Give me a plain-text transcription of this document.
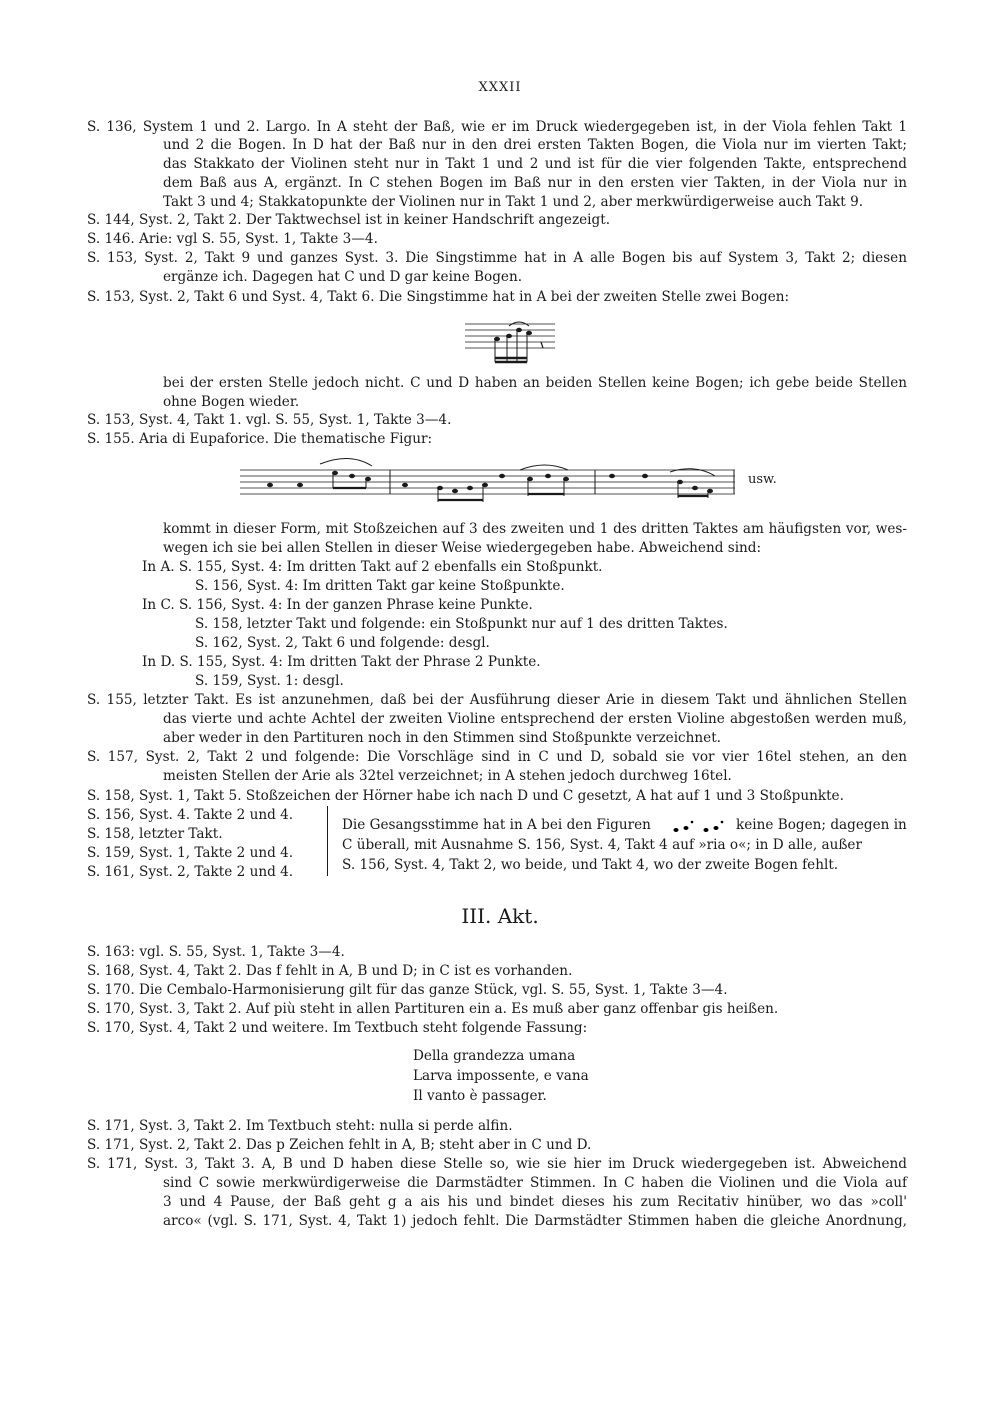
XXXII
S. 136, System 1 und 2. Largo. In A steht der Baß, wie er im Druck wiedergegeben ist, in der Viola fehlen Takt 1
und 2 die Bogen. In D hat der Baß nur in den drei ersten Takten Bogen, die Viola nur im vierten Takt;
das Stakkato der Violinen steht nur in Takt 1 und 2 und ist für die vier folgenden Takte, entsprechend
dem Baß aus A, ergänzt. In C stehen Bogen im Baß nur in den ersten vier Takten, in der Viola nur in
Takt 3 und 4; Stakkatopunkte der Violinen nur in Takt 1 und 2, aber merkwürdigerweise auch Takt 9.
S. 144, Syst. 2, Takt 2. Der Taktwechsel ist in keiner Handschrift angezeigt.
S. 146. Arie: vgl S. 55, Syst. 1, Takte 3—4.
S. 153, Syst. 2, Takt 9 und ganzes Syst. 3. Die Singstimme hat in A alle Bogen bis auf System 3, Takt 2; diesen
ergänze ich. Dagegen hat C und D gar keine Bogen.
S. 153, Syst. 2, Takt 6 und Syst. 4, Takt 6. Die Singstimme hat in A bei der zweiten Stelle zwei Bogen:
bei der ersten Stelle jedoch nicht. C und D haben an beiden Stellen keine Bogen; ich gebe beide Stellen
ohne Bogen wieder.
S. 153, Syst. 4, Takt 1. vgl. S. 55, Syst. 1, Takte 3—4.
S. 155. Aria di Eupaforice. Die thematische Figur:
usw.
kommt in dieser Form, mit Stoßzeichen auf 3 des zweiten und 1 des dritten Taktes am häufigsten vor, wes-
wegen ich sie bei allen Stellen in dieser Weise wiedergegeben habe. Abweichend sind:
In A. S. 155, Syst. 4: Im dritten Takt auf 2 ebenfalls ein Stoßpunkt.
S. 156, Syst. 4: Im dritten Takt gar keine Stoßpunkte.
In C. S. 156, Syst. 4: In der ganzen Phrase keine Punkte.
S. 158, letzter Takt und folgende: ein Stoßpunkt nur auf 1 des dritten Taktes.
S. 162, Syst. 2, Takt 6 und folgende: desgl.
In D. S. 155, Syst. 4: Im dritten Takt der Phrase 2 Punkte.
S. 159, Syst. 1: desgl.
S. 155, letzter Takt. Es ist anzunehmen, daß bei der Ausführung dieser Arie in diesem Takt und ähnlichen Stellen
das vierte und achte Achtel der zweiten Violine entsprechend der ersten Violine abgestoßen werden muß,
aber weder in den Partituren noch in den Stimmen sind Stoßpunkte verzeichnet.
S. 157, Syst. 2, Takt 2 und folgende: Die Vorschläge sind in C und D, sobald sie vor vier 16tel stehen, an den
meisten Stellen der Arie als 32tel verzeichnet; in A stehen jedoch durchweg 16tel.
S. 158, Syst. 1, Takt 5. Stoßzeichen der Hörner habe ich nach D und C gesetzt, A hat auf 1 und 3 Stoßpunkte.
S. 156, Syst. 4. Takte 2 und 4.
S. 158, letzter Takt.
S. 159, Syst. 1, Takte 2 und 4.
S. 161, Syst. 2, Takte 2 und 4.
Die Gesangsstimme hat in A bei den Figuren	keine Bogen; dagegen in
C überall, mit Ausnahme S. 156, Syst. 4, Takt 4 auf »ria o«; in D alle, außer
S. 156, Syst. 4, Takt 2, wo beide, und Takt 4, wo der zweite Bogen fehlt.
III. Akt.
S. 163: vgl. S. 55, Syst. 1, Takte 3—4.
S. 168, Syst. 4, Takt 2. Das f fehlt in A, B und D; in C ist es vorhanden.
S. 170. Die Cembalo-Harmonisierung gilt für das ganze Stück, vgl. S. 55, Syst. 1, Takte 3—4.
S. 170, Syst. 3, Takt 2. Auf più steht in allen Partituren ein a. Es muß aber ganz offenbar gis heißen.
S. 170, Syst. 4, Takt 2 und weitere. Im Textbuch steht folgende Fassung:
Della grandezza umana
Larva impossente, e vana
Il vanto è passager.
S. 171, Syst. 3, Takt 2. Im Textbuch steht: nulla si perde alfin.
S. 171, Syst. 2, Takt 2. Das p Zeichen fehlt in A, B; steht aber in C und D.
S. 171, Syst. 3, Takt 3. A, B und D haben diese Stelle so, wie sie hier im Druck wiedergegeben ist. Abweichend
sind C sowie merkwürdigerweise die Darmstädter Stimmen. In C haben die Violinen und die Viola auf
3 und 4 Pause, der Baß geht g a ais his und bindet dieses his zum Recitativ hinüber, wo das »coll'
arco« (vgl. S. 171, Syst. 4, Takt 1) jedoch fehlt. Die Darmstädter Stimmen haben die gleiche Anordnung,
